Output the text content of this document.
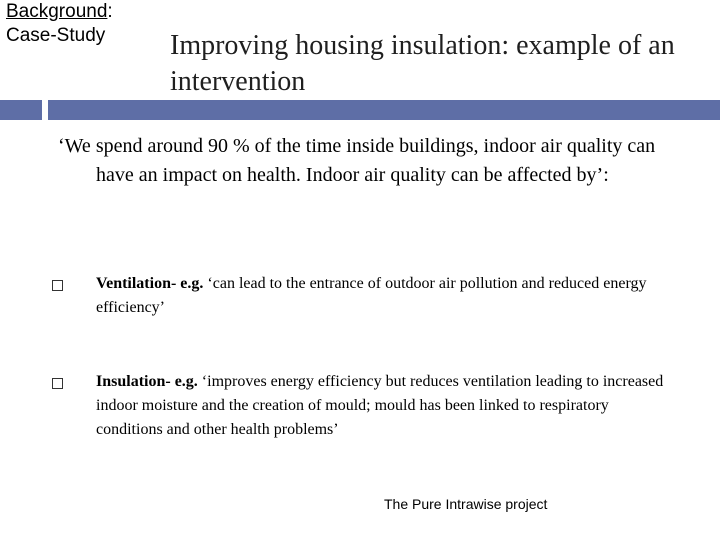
Background:
Case-Study Improving housing insulation: example of an intervention
‘We spend around 90 % of the time inside buildings, indoor air quality can have an impact on health. Indoor air quality can be affected by’:
Ventilation- e.g. ‘can lead to the entrance of outdoor air pollution and reduced energy efficiency’
Insulation- e.g. ‘improves energy efficiency but reduces ventilation leading to increased indoor moisture and the creation of mould; mould has been linked to respiratory conditions and other health problems’
The Pure Intrawise project
